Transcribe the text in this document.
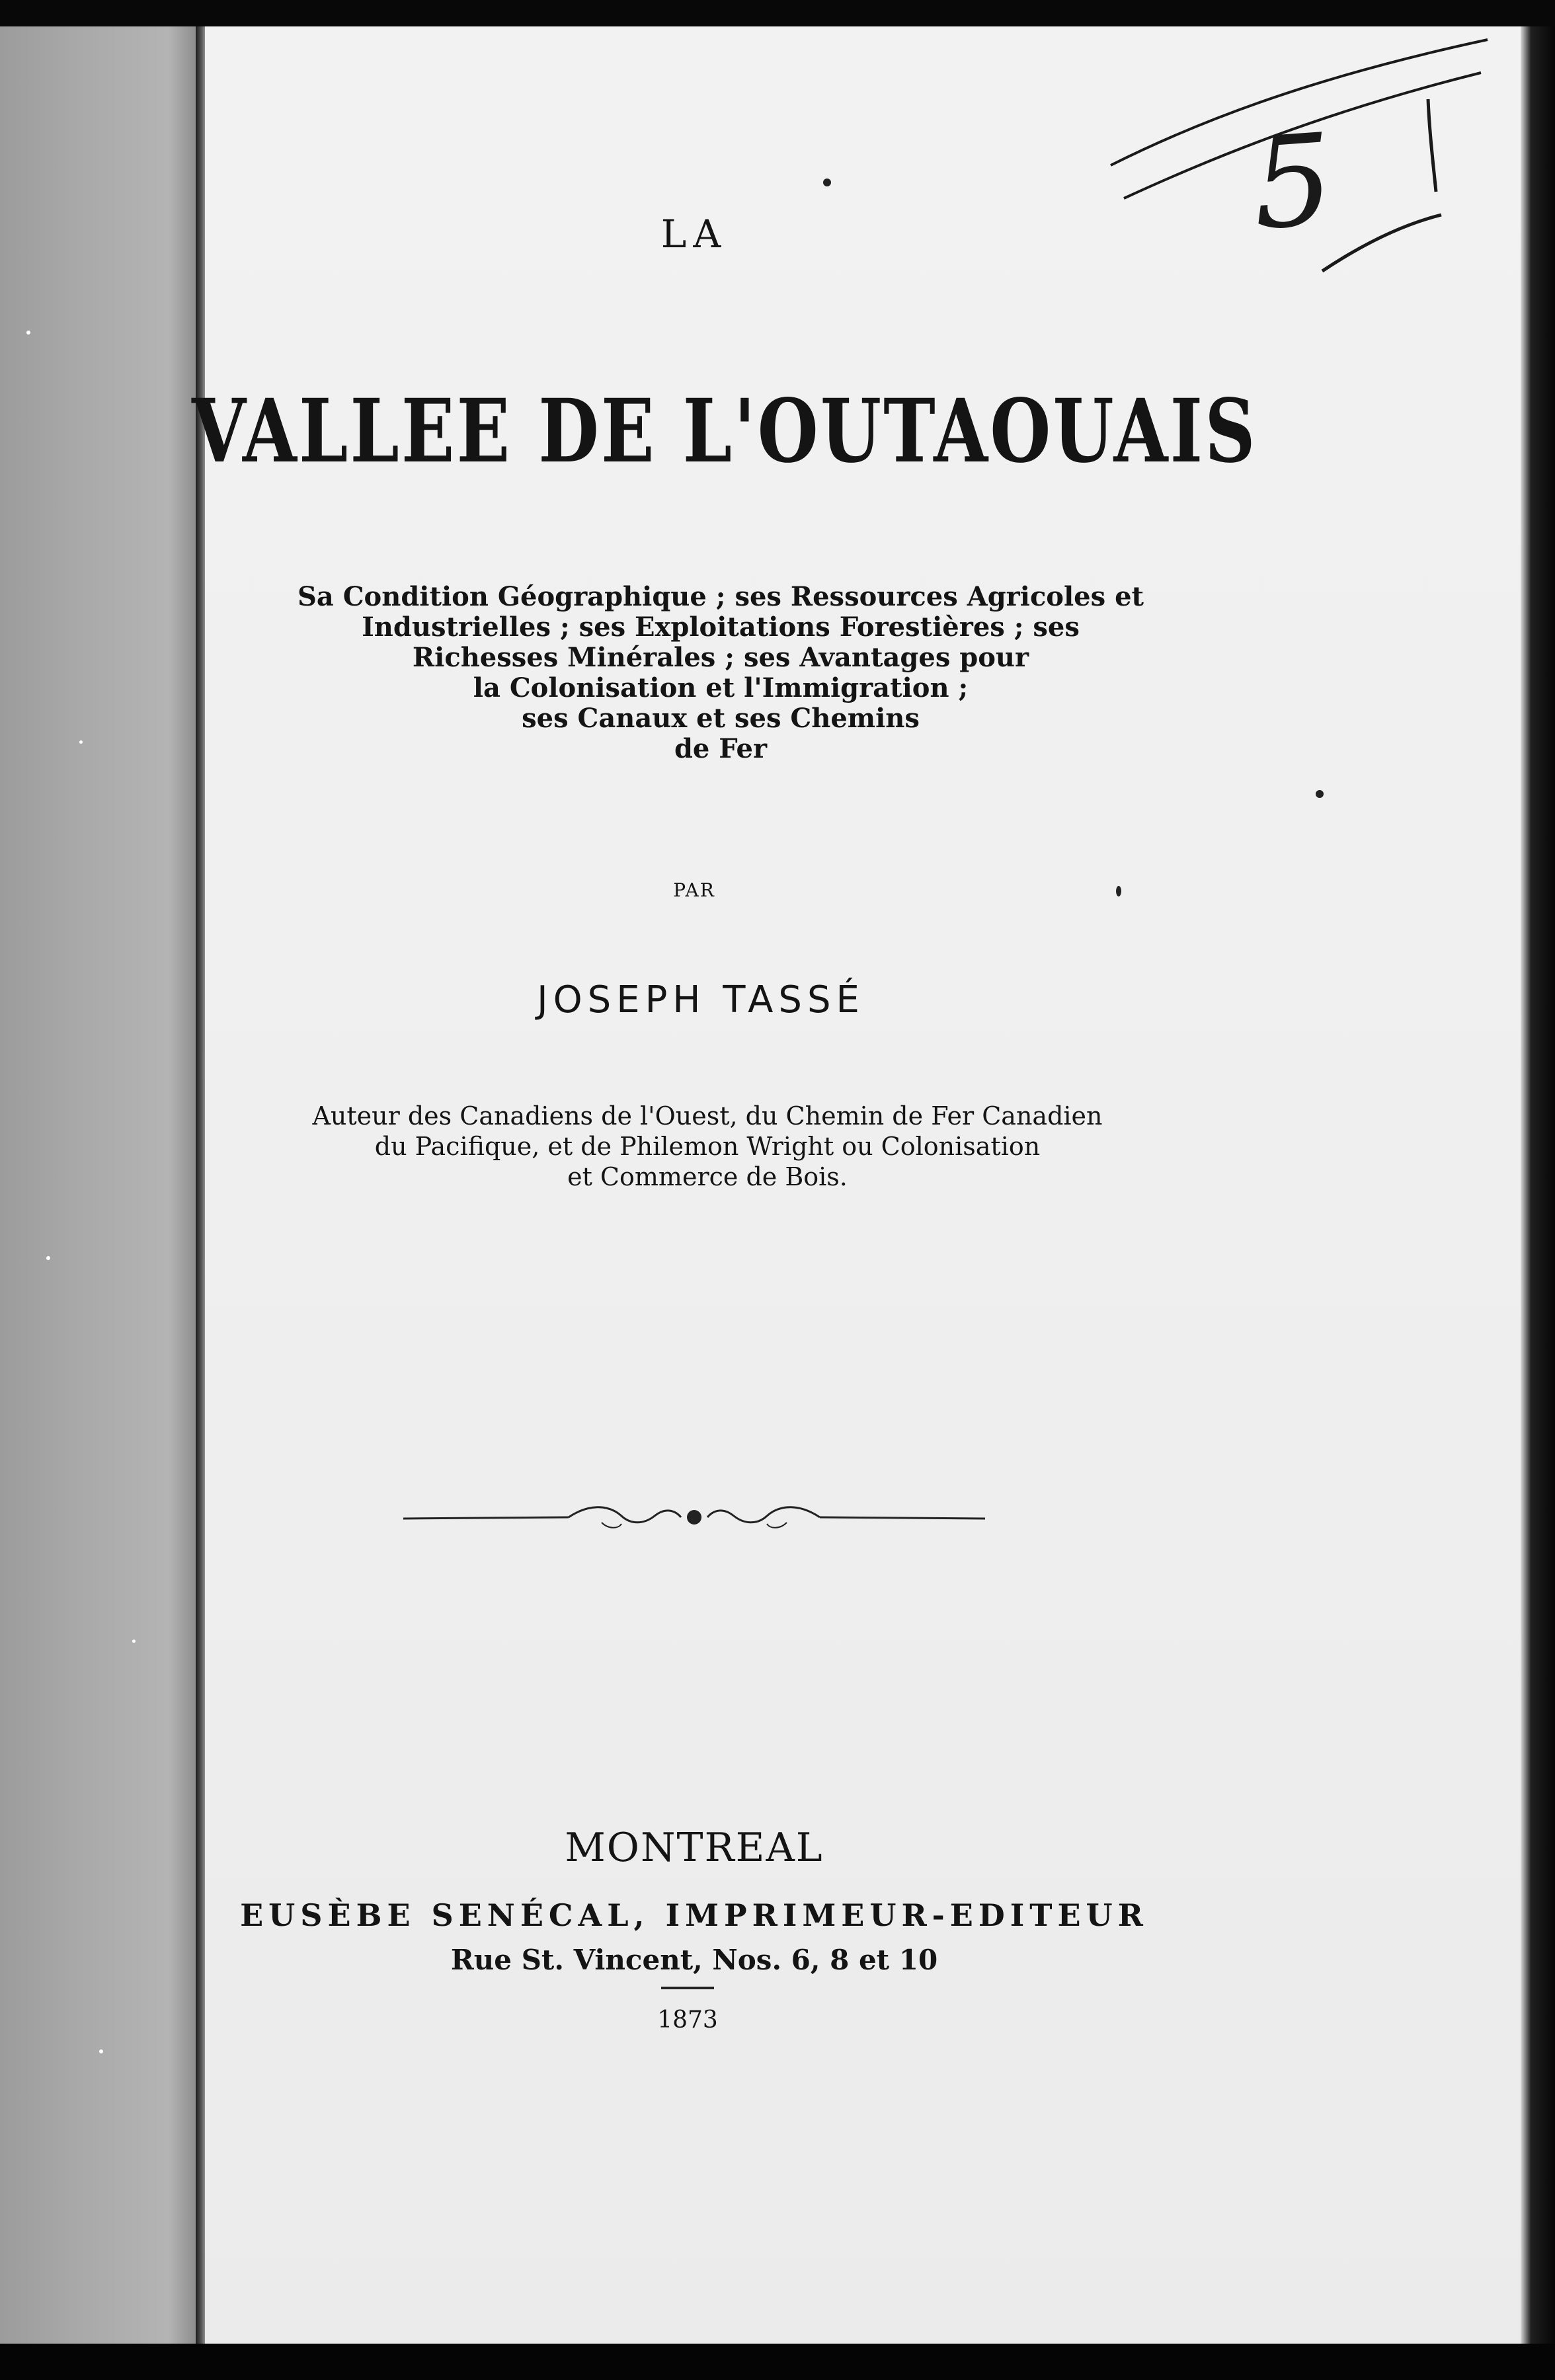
5
LA
VALLEE DE L'OUTAOUAIS
Sa Condition Géographique ; ses Ressources Agricoles et
Industrielles ; ses Exploitations Forestières ; ses
Richesses Minérales ; ses Avantages pour
la Colonisation et l'Immigration ;
ses Canaux et ses Chemins
de Fer
PAR
JOSEPH TASSÉ
Auteur des Canadiens de l'Ouest, du Chemin de Fer Canadien
du Pacifique, et de Philemon Wright ou Colonisation
et Commerce de Bois.
MONTREAL
EUSÈBE SENÉCAL, IMPRIMEUR-EDITEUR
Rue St. Vincent, Nos. 6, 8 et 10
1873
